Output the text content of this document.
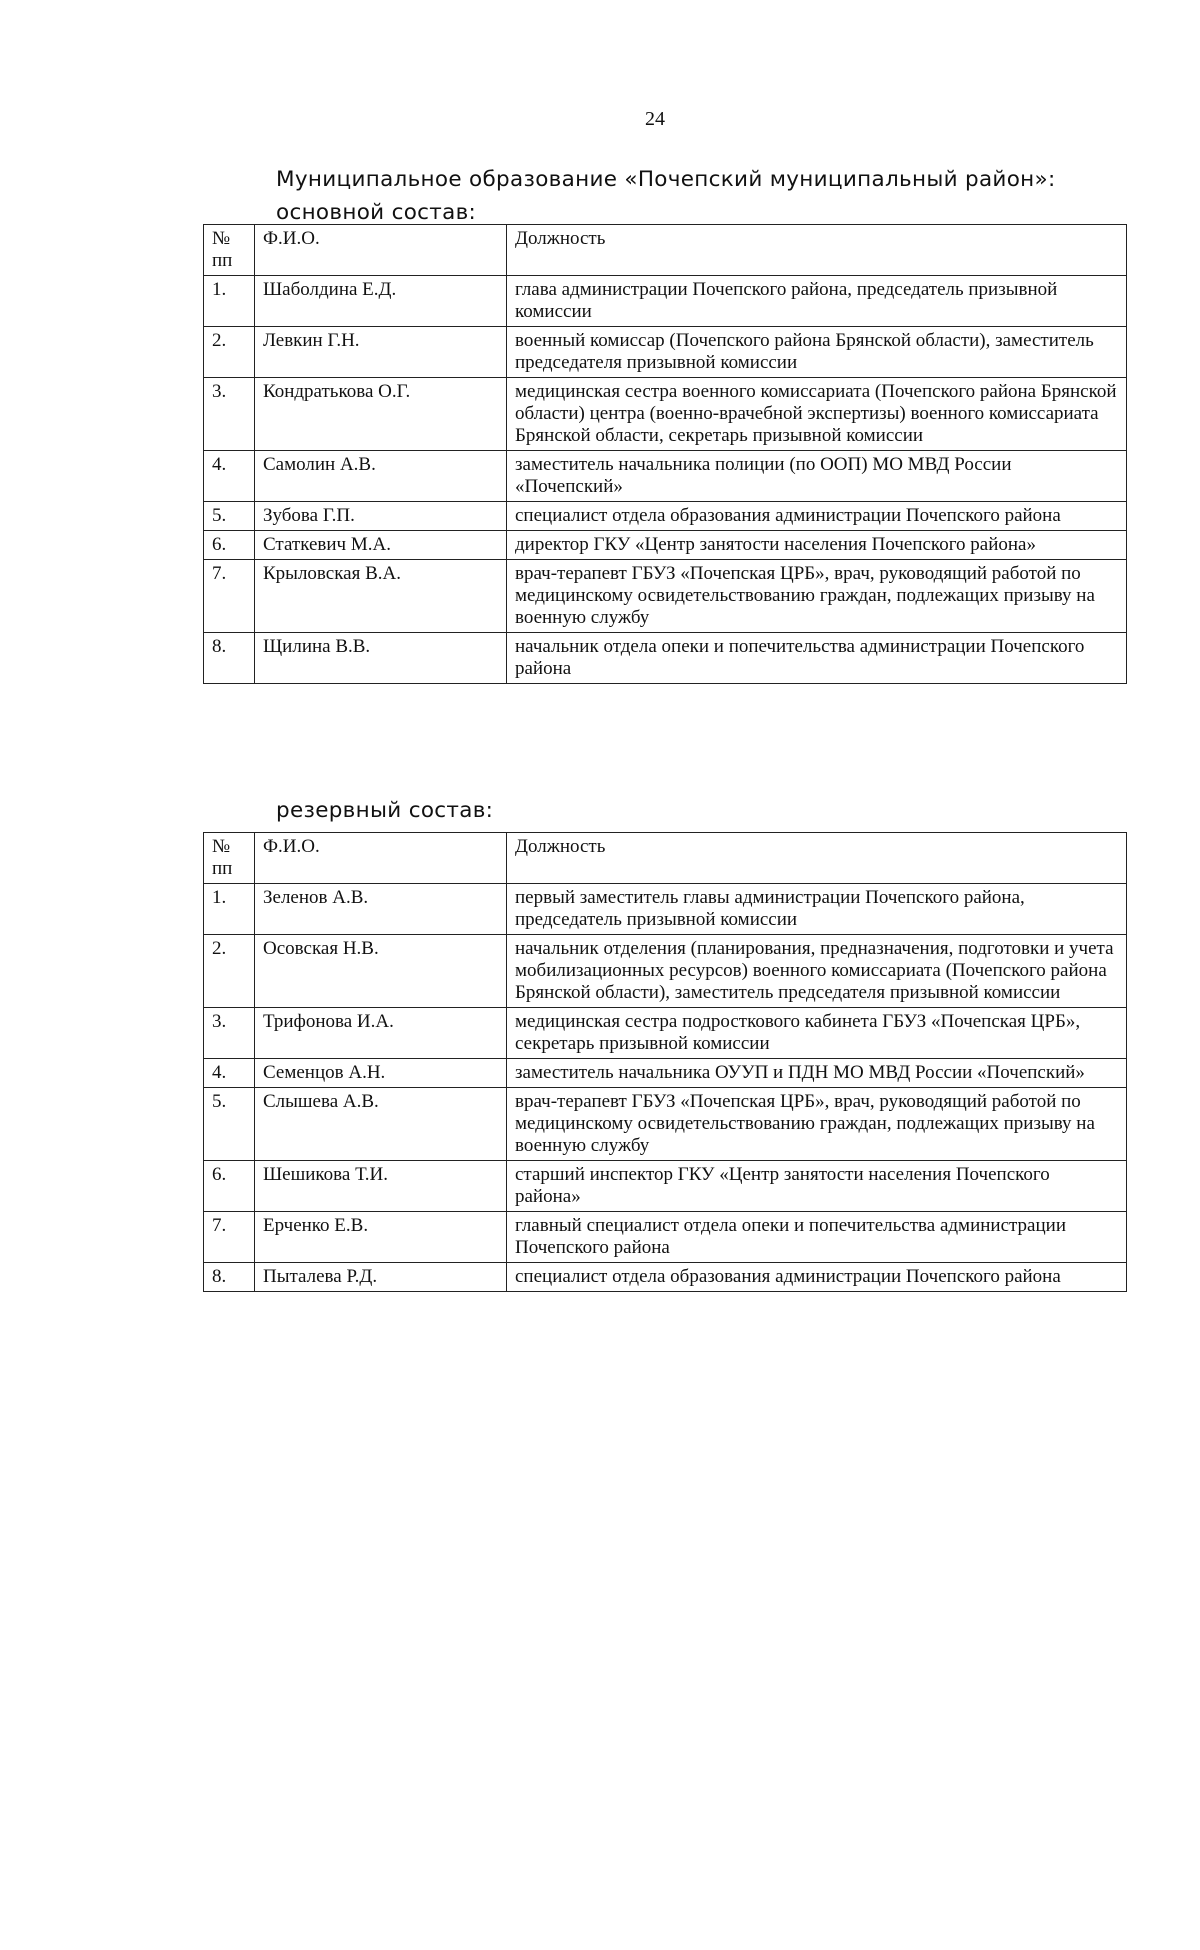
24
Муниципальное образование «Почепский муниципальный район»:
основной состав:
№ пп	Ф.И.О.	Должность
1.	Шаболдина Е.Д.	глава администрации Почепского района, председатель призывной комиссии
2.	Левкин Г.Н.	военный комиссар (Почепского района Брянской области), заместитель председателя призывной комиссии
3.	Кондратькова О.Г.	медицинская сестра военного комиссариата (Почепского района Брянской области) центра (военно-врачебной экспертизы) военного комиссариата Брянской области, секретарь призывной комиссии
4.	Самолин А.В.	заместитель начальника полиции (по ООП) МО МВД России «Почепский»
5.	Зубова Г.П.	специалист отдела образования администрации Почепского района
6.	Статкевич М.А.	директор ГКУ «Центр занятости населения Почепского района»
7.	Крыловская В.А.	врач-терапевт ГБУЗ «Почепская ЦРБ», врач, руководящий работой по медицинскому освидетельствованию граждан, подлежащих призыву на военную службу
8.	Щилина В.В.	начальник отдела опеки и попечительства администрации Почепского района
резервный состав:
№ пп	Ф.И.О.	Должность
1.	Зеленов А.В.	первый заместитель главы администрации Почепского района, председатель призывной комиссии
2.	Осовская Н.В.	начальник отделения (планирования, предназначения, подготовки и учета мобилизационных ресурсов) военного комиссариата (Почепского района Брянской области), заместитель председателя призывной комиссии
3.	Трифонова И.А.	медицинская сестра подросткового кабинета ГБУЗ «Почепская ЦРБ», секретарь призывной комиссии
4.	Семенцов А.Н.	заместитель начальника ОУУП и ПДН МО МВД России «Почепский»
5.	Слышева А.В.	врач-терапевт ГБУЗ «Почепская ЦРБ», врач, руководящий работой по медицинскому освидетельствованию граждан, подлежащих призыву на военную службу
6.	Шешикова Т.И.	старший инспектор ГКУ «Центр занятости населения Почепского района»
7.	Ерченко Е.В.	главный специалист отдела опеки и попечительства администрации Почепского района
8.	Пыталева Р.Д.	специалист отдела образования администрации Почепского района
